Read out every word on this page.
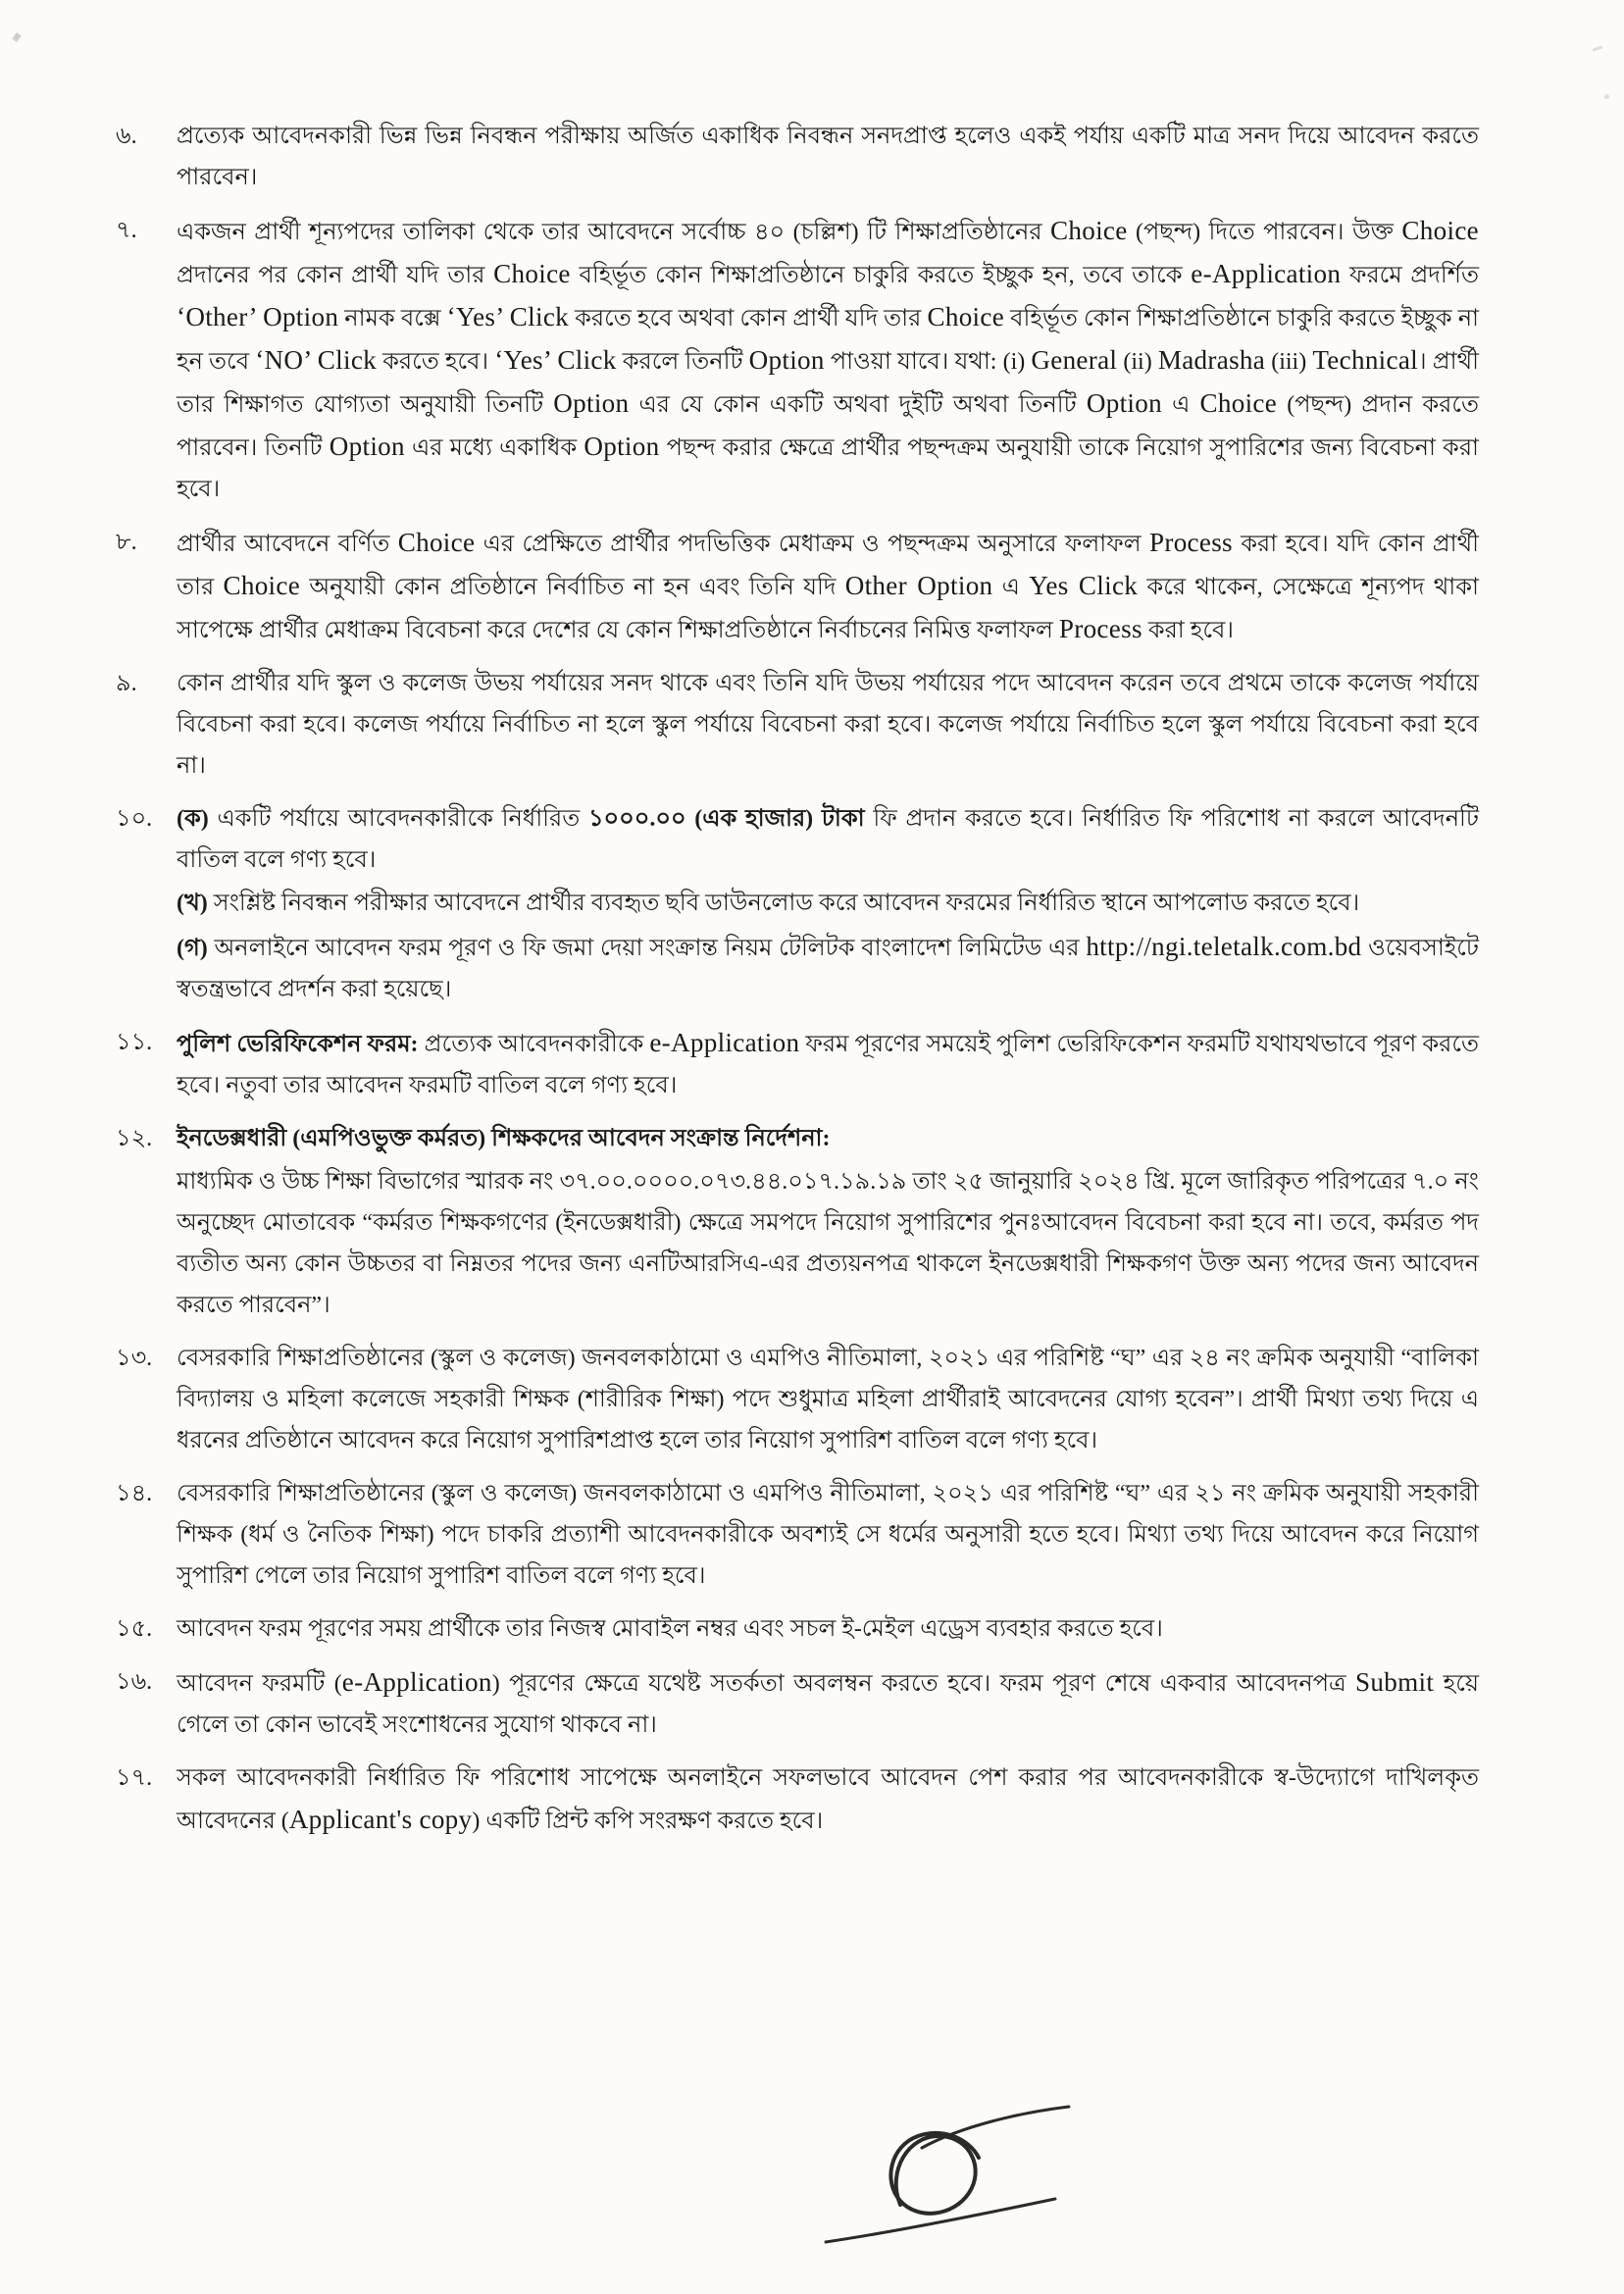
৬.	প্রত্যেক আবেদনকারী ভিন্ন ভিন্ন নিবন্ধন পরীক্ষায় অর্জিত একাধিক নিবন্ধন সনদপ্রাপ্ত হলেও একই পর্যায় একটি মাত্র সনদ দিয়ে আবেদন করতে পারবেন।

৭.	একজন প্রার্থী শূন্যপদের তালিকা থেকে তার আবেদনে সর্বোচ্চ ৪০ (চল্লিশ) টি শিক্ষাপ্রতিষ্ঠানের Choice (পছন্দ) দিতে পারবেন। উক্ত Choice প্রদানের পর কোন প্রার্থী যদি তার Choice বহির্ভূত কোন শিক্ষাপ্রতিষ্ঠানে চাকুরি করতে ইচ্ছুক হন, তবে তাকে e-Application ফরমে প্রদর্শিত ‘Other’ Option নামক বক্সে ‘Yes’ Click করতে হবে অথবা কোন প্রার্থী যদি তার Choice বহির্ভূত কোন শিক্ষাপ্রতিষ্ঠানে চাকুরি করতে ইচ্ছুক না হন তবে ‘NO’ Click করতে হবে। ‘Yes’ Click করলে তিনটি Option পাওয়া যাবে। যথা: (i) General (ii) Madrasha (iii) Technical। প্রার্থী তার শিক্ষাগত যোগ্যতা অনুযায়ী তিনটি Option এর যে কোন একটি অথবা দুইটি অথবা তিনটি Option এ Choice (পছন্দ) প্রদান করতে পারবেন। তিনটি Option এর মধ্যে একাধিক Option পছন্দ করার ক্ষেত্রে প্রার্থীর পছন্দক্রম অনুযায়ী তাকে নিয়োগ সুপারিশের জন্য বিবেচনা করা হবে।

৮.	প্রার্থীর আবেদনে বর্ণিত Choice এর প্রেক্ষিতে প্রার্থীর পদভিত্তিক মেধাক্রম ও পছন্দক্রম অনুসারে ফলাফল Process করা হবে। যদি কোন প্রার্থী তার Choice অনুযায়ী কোন প্রতিষ্ঠানে নির্বাচিত না হন এবং তিনি যদি Other Option এ Yes Click করে থাকেন, সেক্ষেত্রে শূন্যপদ থাকা সাপেক্ষে প্রার্থীর মেধাক্রম বিবেচনা করে দেশের যে কোন শিক্ষাপ্রতিষ্ঠানে নির্বাচনের নিমিত্ত ফলাফল Process করা হবে।

৯.	কোন প্রার্থীর যদি স্কুল ও কলেজ উভয় পর্যায়ের সনদ থাকে এবং তিনি যদি উভয় পর্যায়ের পদে আবেদন করেন তবে প্রথমে তাকে কলেজ পর্যায়ে বিবেচনা করা হবে। কলেজ পর্যায়ে নির্বাচিত না হলে স্কুল পর্যায়ে বিবেচনা করা হবে। কলেজ পর্যায়ে নির্বাচিত হলে স্কুল পর্যায়ে বিবেচনা করা হবে না।

১০.	(ক) একটি পর্যায়ে আবেদনকারীকে নির্ধারিত ১০০০.০০ (এক হাজার) টাকা ফি প্রদান করতে হবে। নির্ধারিত ফি পরিশোধ না করলে আবেদনটি বাতিল বলে গণ্য হবে।

(খ) সংশ্লিষ্ট নিবন্ধন পরীক্ষার আবেদনে প্রার্থীর ব্যবহৃত ছবি ডাউনলোড করে আবেদন ফরমের নির্ধারিত স্থানে আপলোড করতে হবে।

(গ) অনলাইনে আবেদন ফরম পূরণ ও ফি জমা দেয়া সংক্রান্ত নিয়ম টেলিটক বাংলাদেশ লিমিটেড এর http://ngi.teletalk.com.bd ওয়েবসাইটে স্বতন্ত্রভাবে প্রদর্শন করা হয়েছে।

১১.	পুলিশ ভেরিফিকেশন ফরম: প্রত্যেক আবেদনকারীকে e-Application ফরম পূরণের সময়েই পুলিশ ভেরিফিকেশন ফরমটি যথাযথভাবে পূরণ করতে হবে। নতুবা তার আবেদন ফরমটি বাতিল বলে গণ্য হবে।

১২.	ইনডেক্সধারী (এমপিওভুক্ত কর্মরত) শিক্ষকদের আবেদন সংক্রান্ত নির্দেশনা:

মাধ্যমিক ও উচ্চ শিক্ষা বিভাগের স্মারক নং ৩৭.০০.০০০০.০৭৩.৪৪.০১৭.১৯.১৯ তাং ২৫ জানুয়ারি ২০২৪ খ্রি. মূলে জারিকৃত পরিপত্রের ৭.০ নং অনুচ্ছেদ মোতাবেক “কর্মরত শিক্ষকগণের (ইনডেক্সধারী) ক্ষেত্রে সমপদে নিয়োগ সুপারিশের পুনঃআবেদন বিবেচনা করা হবে না। তবে, কর্মরত পদ ব্যতীত অন্য কোন উচ্চতর বা নিম্নতর পদের জন্য এনটিআরসিএ-এর প্রত্যয়নপত্র থাকলে ইনডেক্সধারী শিক্ষকগণ উক্ত অন্য পদের জন্য আবেদন করতে পারবেন”।

১৩.	বেসরকারি শিক্ষাপ্রতিষ্ঠানের (স্কুল ও কলেজ) জনবলকাঠামো ও এমপিও নীতিমালা, ২০২১ এর পরিশিষ্ট “ঘ” এর ২৪ নং ক্রমিক অনুযায়ী “বালিকা বিদ্যালয় ও মহিলা কলেজে সহকারী শিক্ষক (শারীরিক শিক্ষা) পদে শুধুমাত্র মহিলা প্রার্থীরাই আবেদনের যোগ্য হবেন”। প্রার্থী মিথ্যা তথ্য দিয়ে এ ধরনের প্রতিষ্ঠানে আবেদন করে নিয়োগ সুপারিশপ্রাপ্ত হলে তার নিয়োগ সুপারিশ বাতিল বলে গণ্য হবে।

১৪.	বেসরকারি শিক্ষাপ্রতিষ্ঠানের (স্কুল ও কলেজ) জনবলকাঠামো ও এমপিও নীতিমালা, ২০২১ এর পরিশিষ্ট “ঘ” এর ২১ নং ক্রমিক অনুযায়ী সহকারী শিক্ষক (ধর্ম ও নৈতিক শিক্ষা) পদে চাকরি প্রত্যাশী আবেদনকারীকে অবশ্যই সে ধর্মের অনুসারী হতে হবে। মিথ্যা তথ্য দিয়ে আবেদন করে নিয়োগ সুপারিশ পেলে তার নিয়োগ সুপারিশ বাতিল বলে গণ্য হবে।

১৫.	আবেদন ফরম পূরণের সময় প্রার্থীকে তার নিজস্ব মোবাইল নম্বর এবং সচল ই-মেইল এড্রেস ব্যবহার করতে হবে।

১৬.	আবেদন ফরমটি (e-Application) পূরণের ক্ষেত্রে যথেষ্ট সতর্কতা অবলম্বন করতে হবে। ফরম পূরণ শেষে একবার আবেদনপত্র Submit হয়ে গেলে তা কোন ভাবেই সংশোধনের সুযোগ থাকবে না।

১৭.	সকল আবেদনকারী নির্ধারিত ফি পরিশোধ সাপেক্ষে অনলাইনে সফলভাবে আবেদন পেশ করার পর আবেদনকারীকে স্ব-উদ্যোগে দাখিলকৃত আবেদনের (Applicant's copy) একটি প্রিন্ট কপি সংরক্ষণ করতে হবে।
